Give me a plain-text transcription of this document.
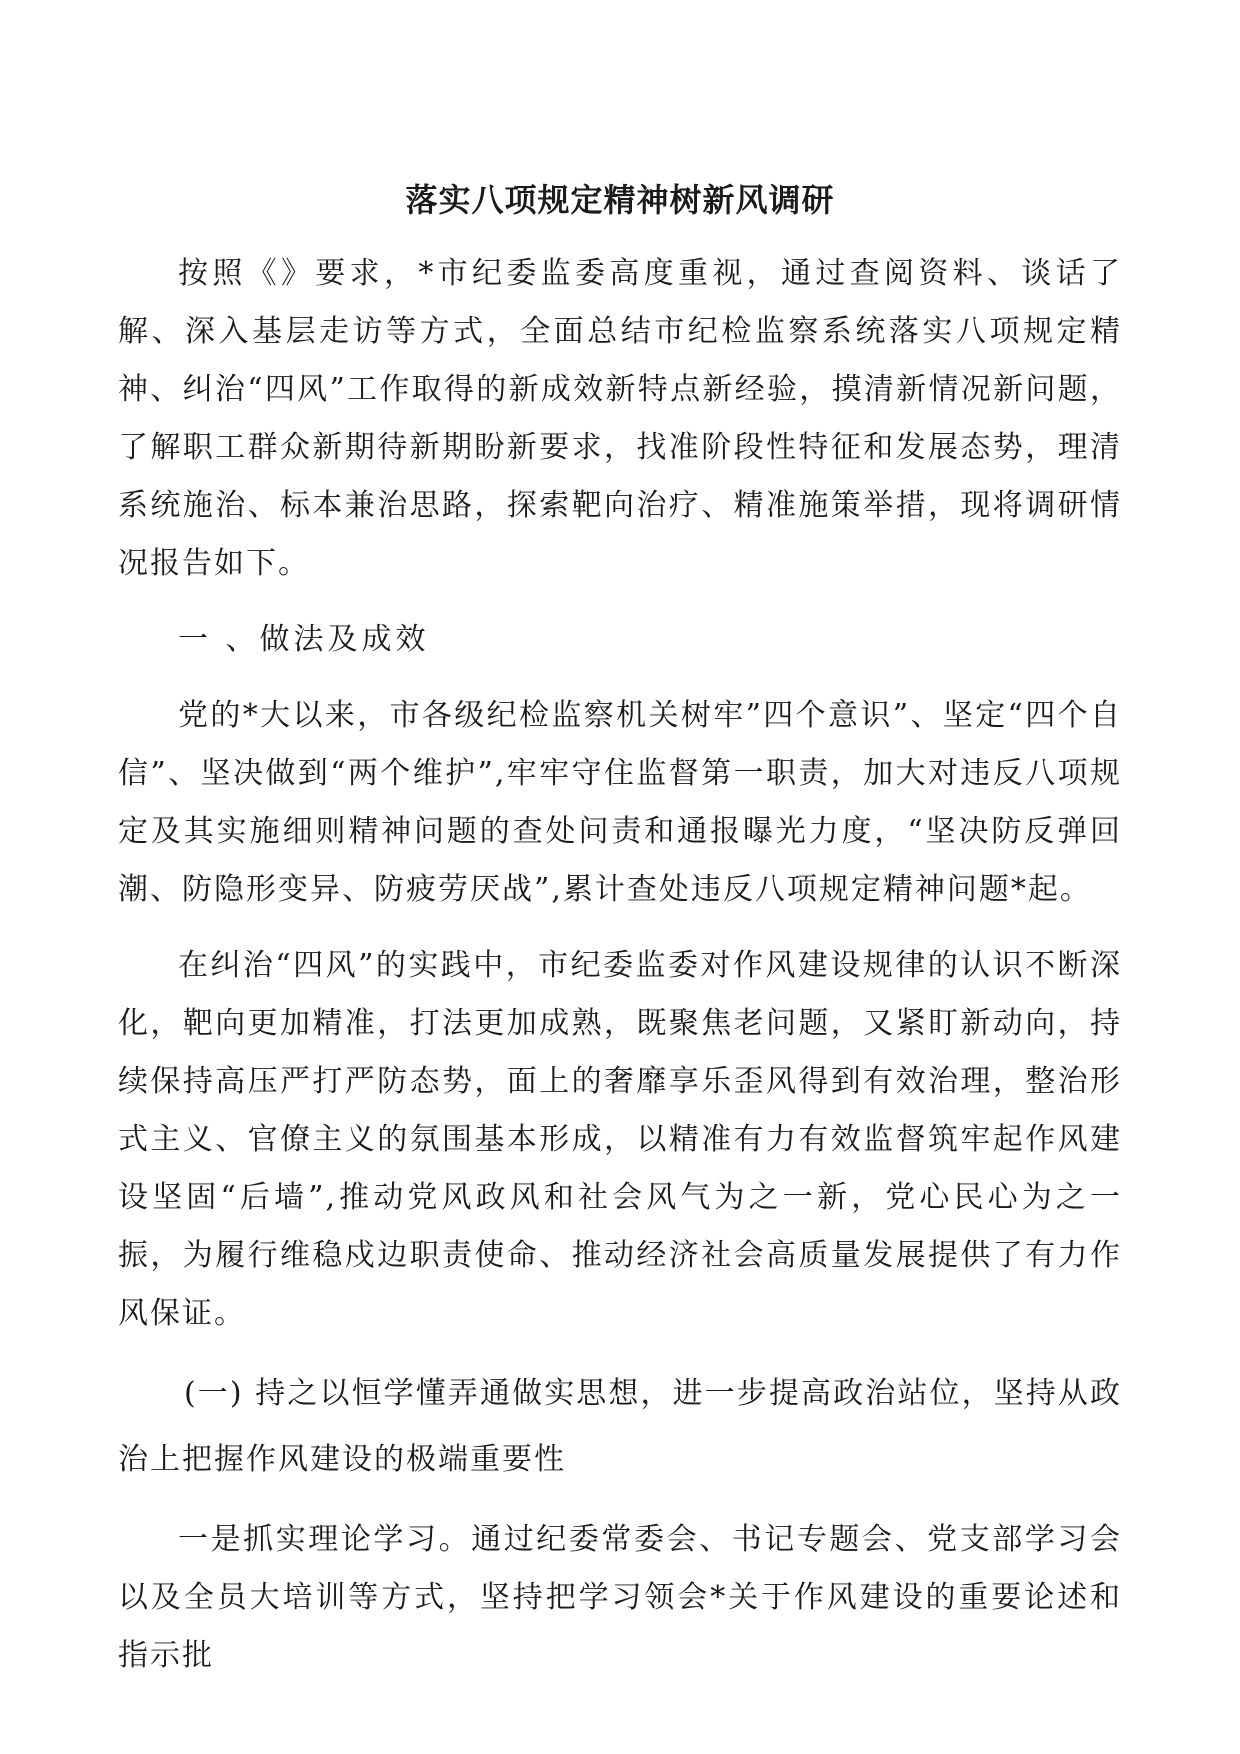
落实八项规定精神树新风调研

按照《》要求，*市纪委监委高度重视，通过查阅资料、谈话了解、深入基层走访等方式，全面总结市纪检监察系统落实八项规定精神、纠治“四风”工作取得的新成效新特点新经验，摸清新情况新问题，了解职工群众新期待新期盼新要求，找准阶段性特征和发展态势，理清系统施治、标本兼治思路，探索靶向治疗、精准施策举措，现将调研情况报告如下。

一 、做法及成效

党的*大以来，市各级纪检监察机关树牢”四个意识”、坚定“四个自信”、坚决做到“两个维护”,牢牢守住监督第一职责，加大对违反八项规定及其实施细则精神问题的查处问责和通报曝光力度，“坚决防反弹回潮、防隐形变异、防疲劳厌战”,累计查处违反八项规定精神问题*起。

在纠治“四风”的实践中，市纪委监委对作风建设规律的认识不断深化，靶向更加精准，打法更加成熟，既聚焦老问题，又紧盯新动向，持续保持高压严打严防态势，面上的奢靡享乐歪风得到有效治理，整治形式主义、官僚主义的氛围基本形成，以精准有力有效监督筑牢起作风建设坚固“后墙”,推动党风政风和社会风气为之一新，党心民心为之一振，为履行维稳戍边职责使命、推动经济社会高质量发展提供了有力作风保证。

(一) 持之以恒学懂弄通做实思想，进一步提高政治站位，坚持从政治上把握作风建设的极端重要性

一是抓实理论学习。通过纪委常委会、书记专题会、党支部学习会以及全员大培训等方式，坚持把学习领会*关于作风建设的重要论述和指示批
